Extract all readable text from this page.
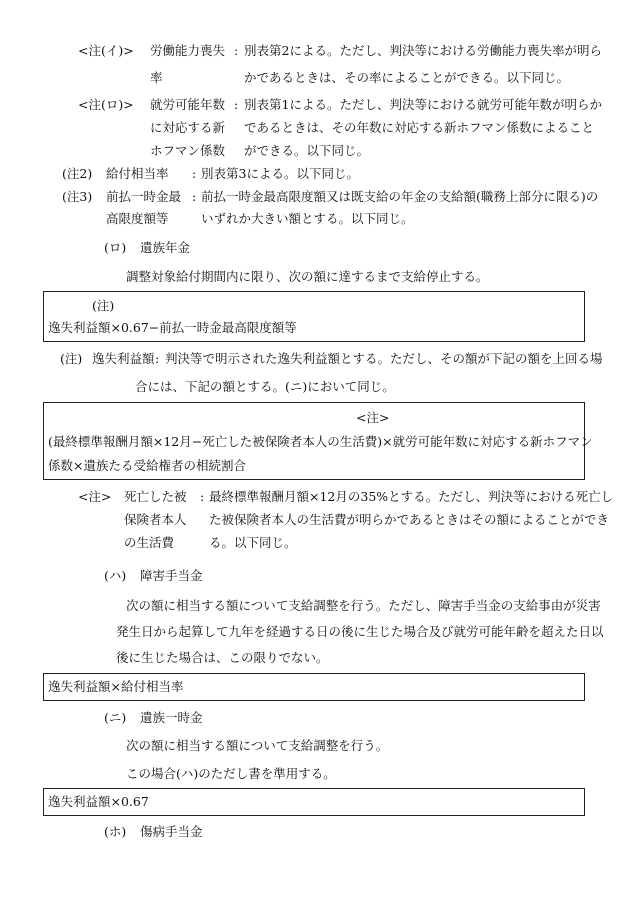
<注(イ)> 労働能力喪失
率
: 別表第2による。ただし、判決等における労働能力喪失率が明ら
かであるときは、その率によることができる。以下同じ。
<注(ロ)> 就労可能年数
に対応する新
ホフマン係数
: 別表第1による。ただし、判決等における就労可能年数が明らか
であるときは、その年数に対応する新ホフマン係数によること
ができる。以下同じ。
(注2) 給付相当率 : 別表第3による。以下同じ。
(注3) 前払一時金最
高限度額等
: 前払一時金最高限度額又は既支給の年金の支給額(職務上部分に限る)の
いずれか大きい額とする。以下同じ。
(ロ) 遺族年金
調整対象給付期間内に限り、次の額に達するまで支給停止する。
(注)
逸失利益額×0.67−前払一時金最高限度額等
(注) 逸失利益額 : 判決等で明示された逸失利益額とする。ただし、その額が下記の額を上回る場
合には、下記の額とする。(ニ)において同じ。
<注>
(最終標準報酬月額×12月−死亡した被保険者本人の生活費)×就労可能年数に対応する新ホフマン
係数×遺族たる受給権者の相続割合
<注> 死亡した被
保険者本人
の生活費
: 最終標準報酬月額×12月の35%とする。ただし、判決等における死亡し
た被保険者本人の生活費が明らかであるときはその額によることができ
る。以下同じ。
(ハ) 障害手当金
次の額に相当する額について支給調整を行う。ただし、障害手当金の支給事由が災害
発生日から起算して九年を経過する日の後に生じた場合及び就労可能年齢を超えた日以
後に生じた場合は、この限りでない。
逸失利益額×給付相当率
(ニ) 遺族一時金
次の額に相当する額について支給調整を行う。
この場合(ハ)のただし書を準用する。
逸失利益額×0.67
(ホ) 傷病手当金
